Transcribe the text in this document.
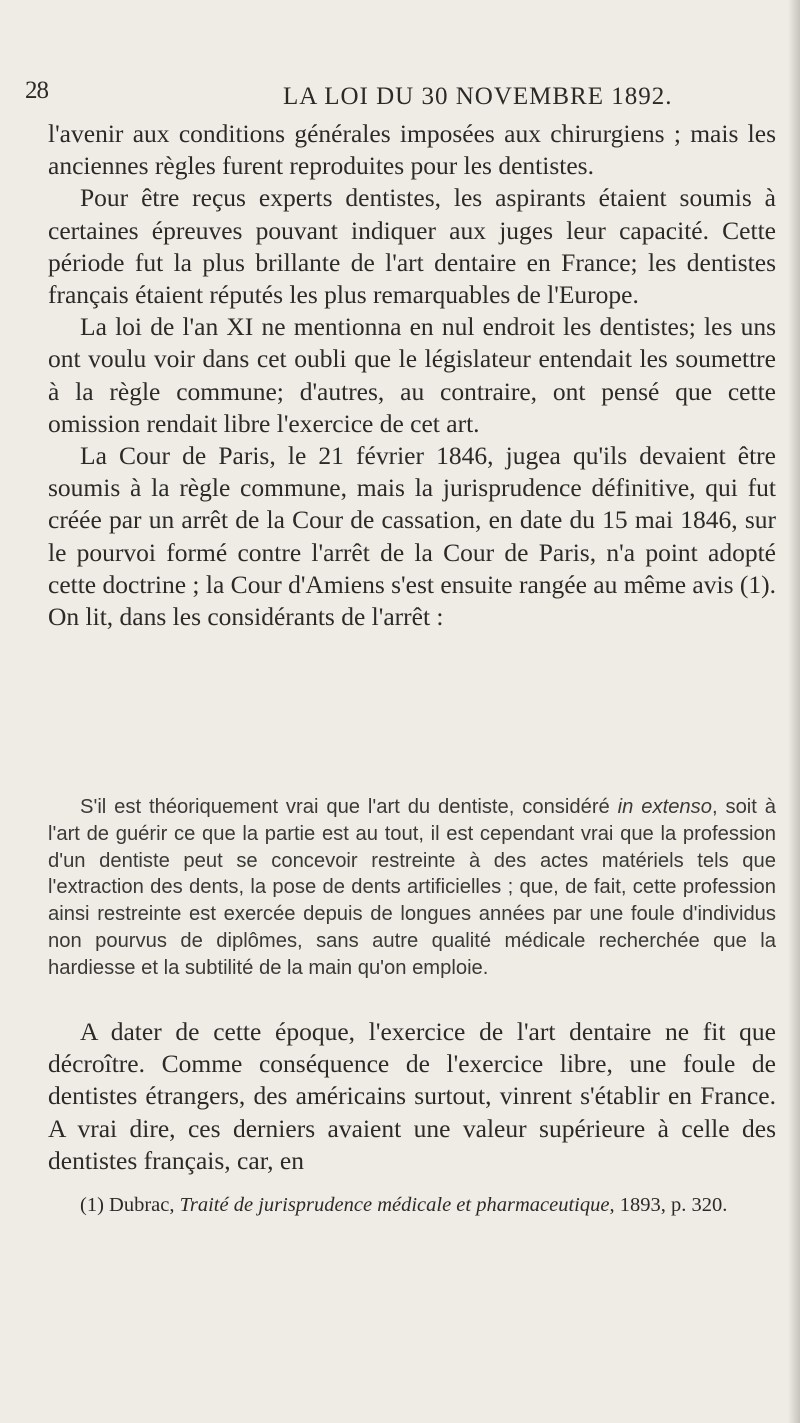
28	LA LOI DU 30 NOVEMBRE 1892.

l'avenir aux conditions générales imposées aux chirurgiens ; mais les anciennes règles furent reproduites pour les dentistes.

Pour être reçus experts dentistes, les aspirants étaient soumis à certaines épreuves pouvant indiquer aux juges leur capacité. Cette période fut la plus brillante de l'art dentaire en France; les dentistes français étaient réputés les plus remarquables de l'Europe.

La loi de l'an XI ne mentionna en nul endroit les dentistes; les uns ont voulu voir dans cet oubli que le législateur entendait les soumettre à la règle commune; d'autres, au contraire, ont pensé que cette omission rendait libre l'exercice de cet art.

La Cour de Paris, le 21 février 1846, jugea qu'ils devaient être soumis à la règle commune, mais la jurisprudence définitive, qui fut créée par un arrêt de la Cour de cassation, en date du 15 mai 1846, sur le pourvoi formé contre l'arrêt de la Cour de Paris, n'a point adopté cette doctrine ; la Cour d'Amiens s'est ensuite rangée au même avis (1). On lit, dans les considérants de l'arrêt :

S'il est théoriquement vrai que l'art du dentiste, considéré in extenso, soit à l'art de guérir ce que la partie est au tout, il est cependant vrai que la profession d'un dentiste peut se concevoir restreinte à des actes matériels tels que l'extraction des dents, la pose de dents artificielles ; que, de fait, cette profession ainsi restreinte est exercée depuis de longues années par une foule d'individus non pourvus de diplômes, sans autre qualité médicale recherchée que la hardiesse et la subtilité de la main qu'on emploie.

A dater de cette époque, l'exercice de l'art dentaire ne fit que décroître. Comme conséquence de l'exercice libre, une foule de dentistes étrangers, des américains surtout, vinrent s'établir en France. A vrai dire, ces derniers avaient une valeur supérieure à celle des dentistes français, car, en

(1) Dubrac, Traité de jurisprudence médicale et pharmaceutique, 1893, p. 320.
